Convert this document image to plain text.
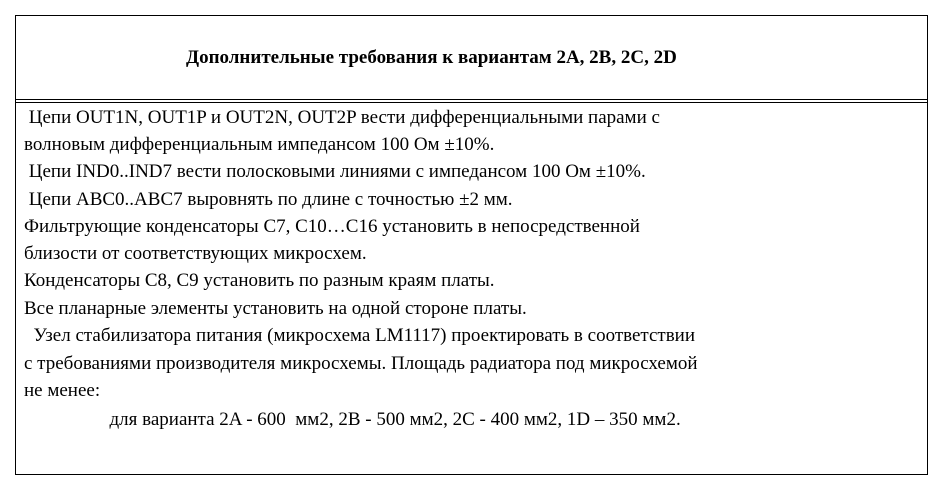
Дополнительные требования к вариантам 2A, 2B, 2C, 2D
Цепи OUT1N, OUT1P и OUT2N, OUT2P вести дифференциальными парами с
волновым дифференциальным импедансом 100 Ом ±10%.
Цепи IND0..IND7 вести полосковыми линиями с импедансом 100 Ом ±10%.
Цепи ABC0..ABC7 выровнять по длине с точностью ±2 мм.
Фильтрующие конденсаторы C7, C10…C16 установить в непосредственной
близости от соответствующих микросхем.
Конденсаторы C8, C9 установить по разным краям платы.
Все планарные элементы установить на одной стороне платы.
Узел стабилизатора питания (микросхема LM1117) проектировать в соответствии
с требованиями производителя микросхемы. Площадь радиатора под микросхемой
не менее:
для варианта 2A - 600  мм2, 2B - 500 мм2, 2C - 400 мм2, 1D – 350 мм2.
